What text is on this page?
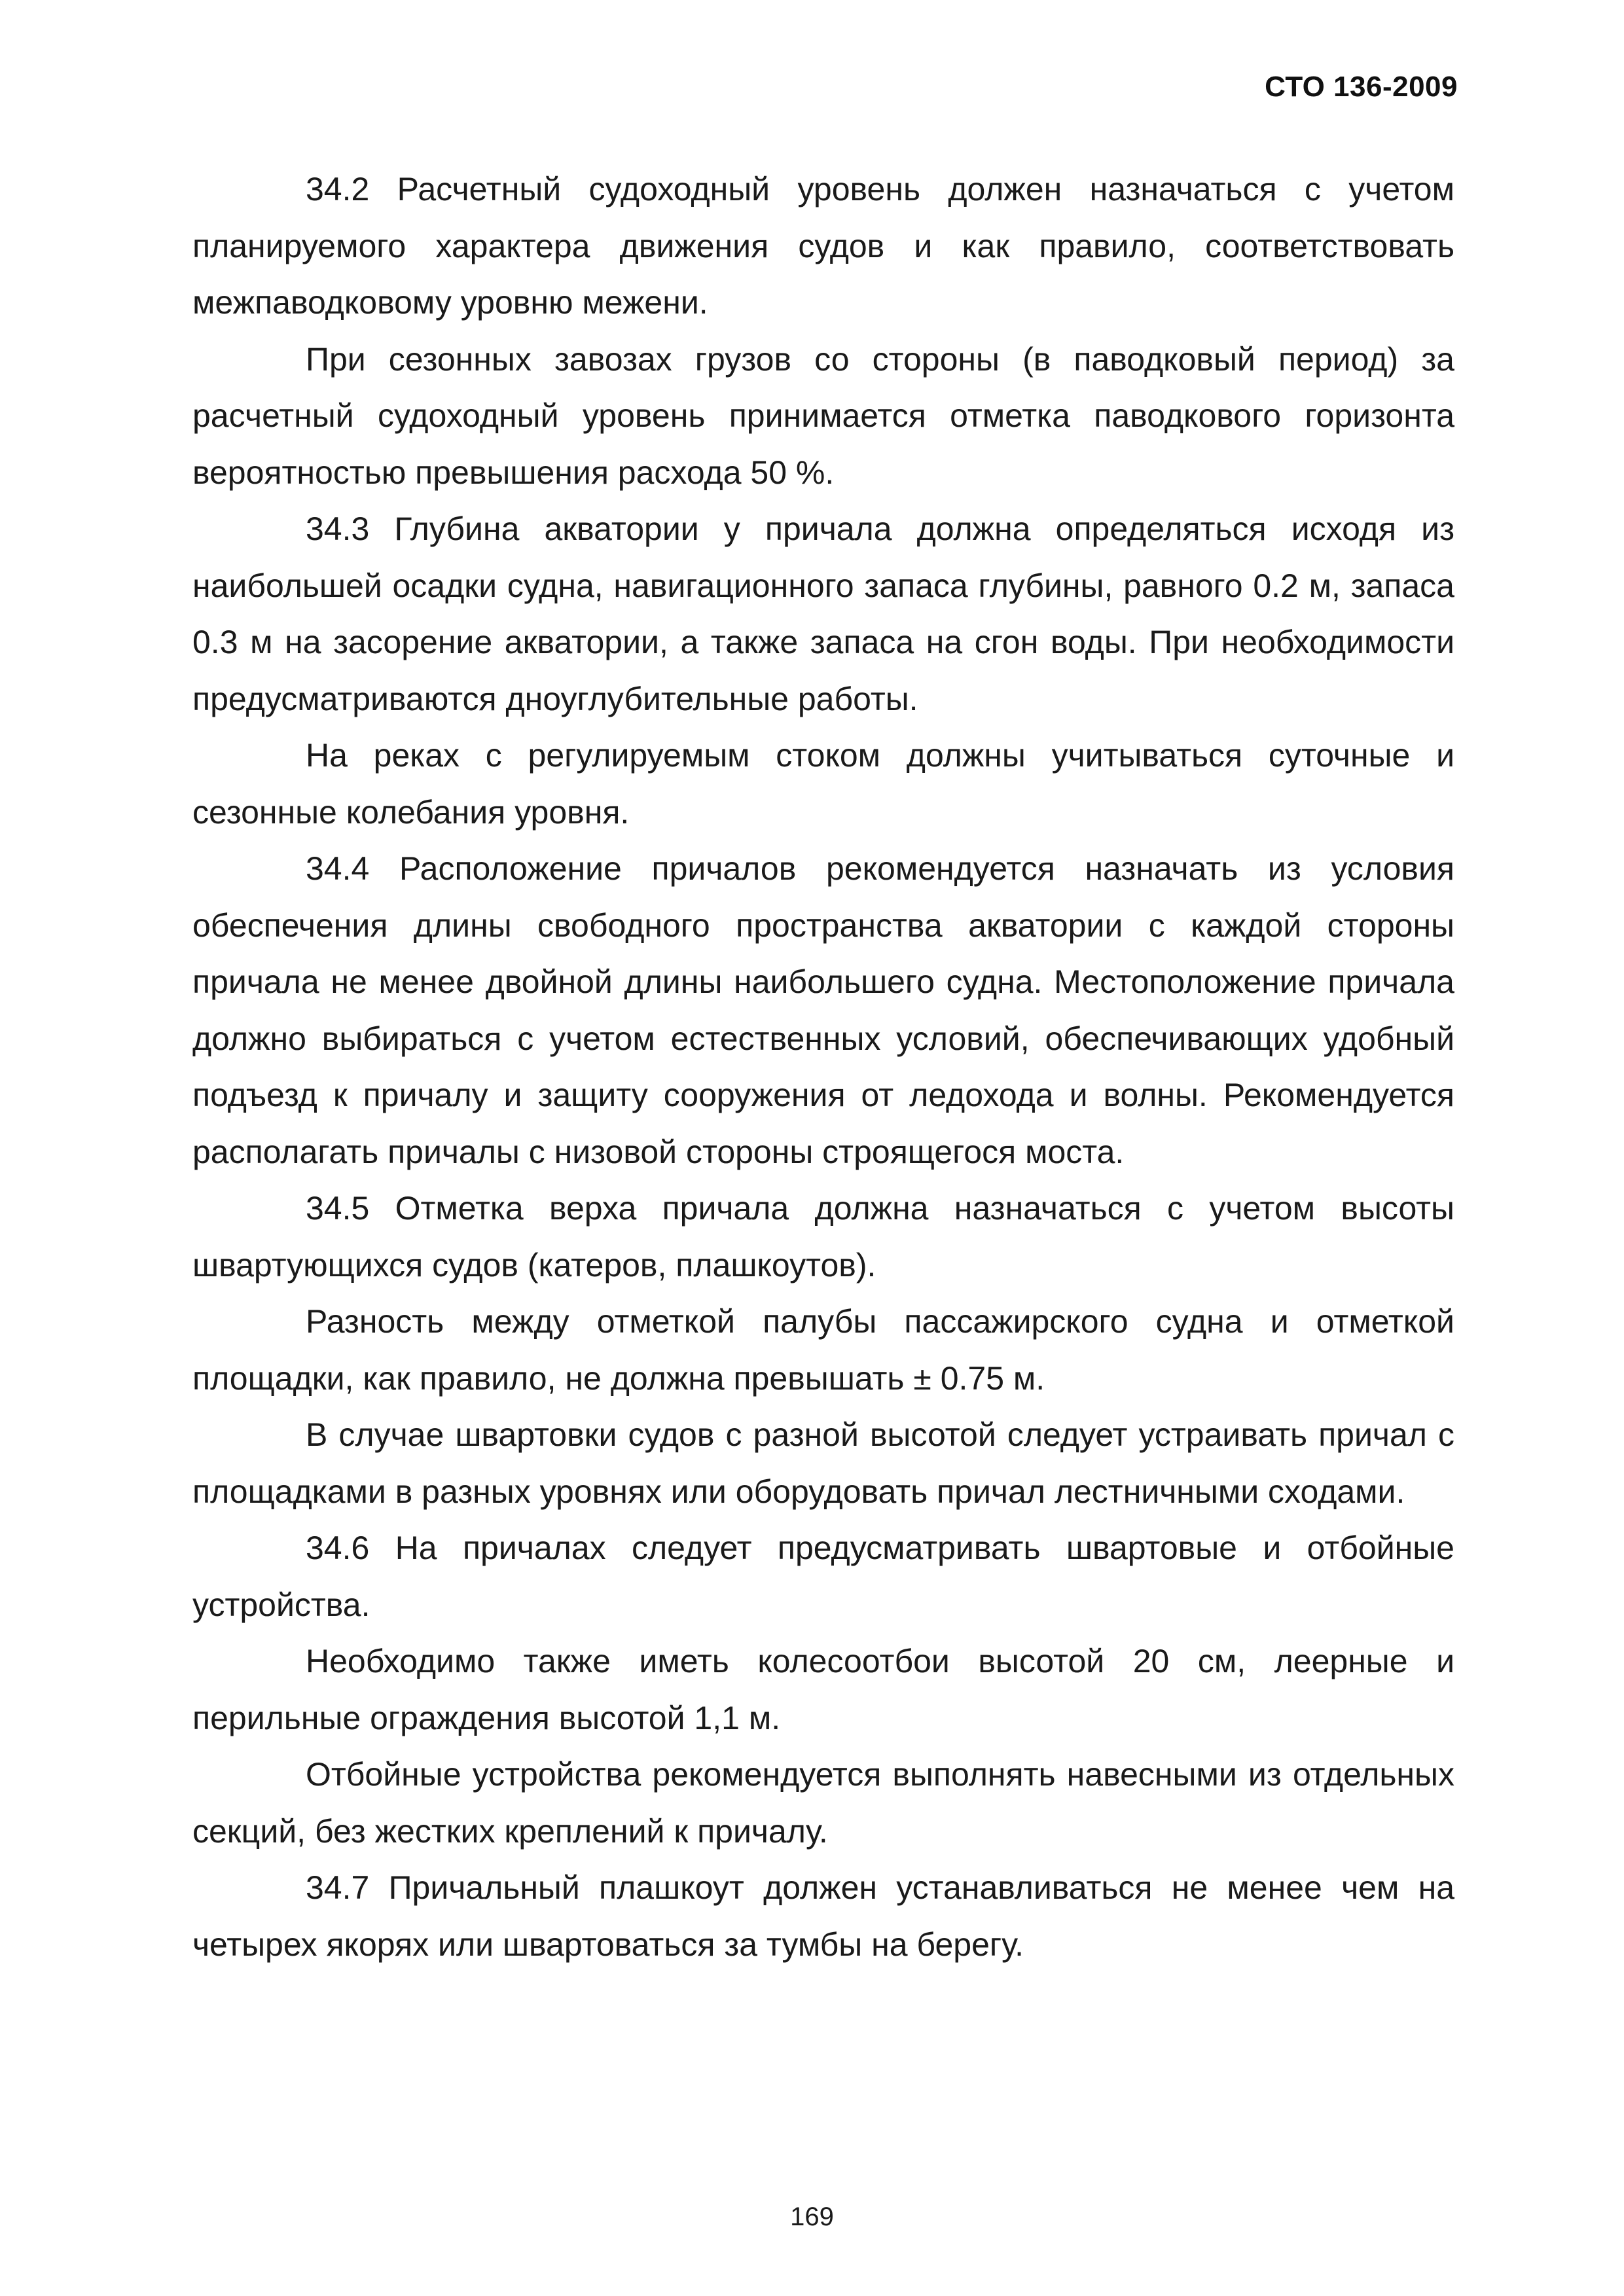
СТО 136-2009

34.2 Расчетный судоходный уровень должен назначаться с учетом планируемого характера движения судов и как правило, соответствовать межпаводковому уровню межени.

При сезонных завозах грузов со стороны (в паводковый период) за расчетный судоходный уровень принимается отметка паводкового горизонта вероятностью превышения расхода 50 %.

34.3 Глубина акватории у причала должна определяться исходя из наибольшей осадки судна, навигационного запаса глубины, равного 0.2 м, запаса 0.3 м на засорение акватории, а также запаса на сгон воды. При необходимости предусматриваются дноуглубительные работы.

На реках с регулируемым стоком должны учитываться суточные и сезонные колебания уровня.

34.4 Расположение причалов рекомендуется назначать из условия обеспечения длины свободного пространства акватории с каждой стороны причала не менее двойной длины наибольшего судна. Местоположение причала должно выбираться с учетом естественных условий, обеспечивающих удобный подъезд к причалу и защиту сооружения от ледохода и волны. Рекомендуется располагать причалы с низовой стороны строящегося моста.

34.5 Отметка верха причала должна назначаться с учетом высоты швартующихся судов (катеров, плашкоутов).

Разность между отметкой палубы пассажирского судна и отметкой площадки, как правило, не должна превышать ± 0.75 м.

В случае швартовки судов с разной высотой следует устраивать причал с площадками в разных уровнях или оборудовать причал лестничными сходами.

34.6 На причалах следует предусматривать швартовые и отбойные устройства.

Необходимо также иметь колесоотбои высотой 20 см, леерные и перильные ограждения высотой 1,1 м.

Отбойные устройства рекомендуется выполнять навесными из отдельных секций, без жестких креплений к причалу.

34.7 Причальный плашкоут должен устанавливаться не менее чем на четырех якорях или швартоваться за тумбы на берегу.

169
